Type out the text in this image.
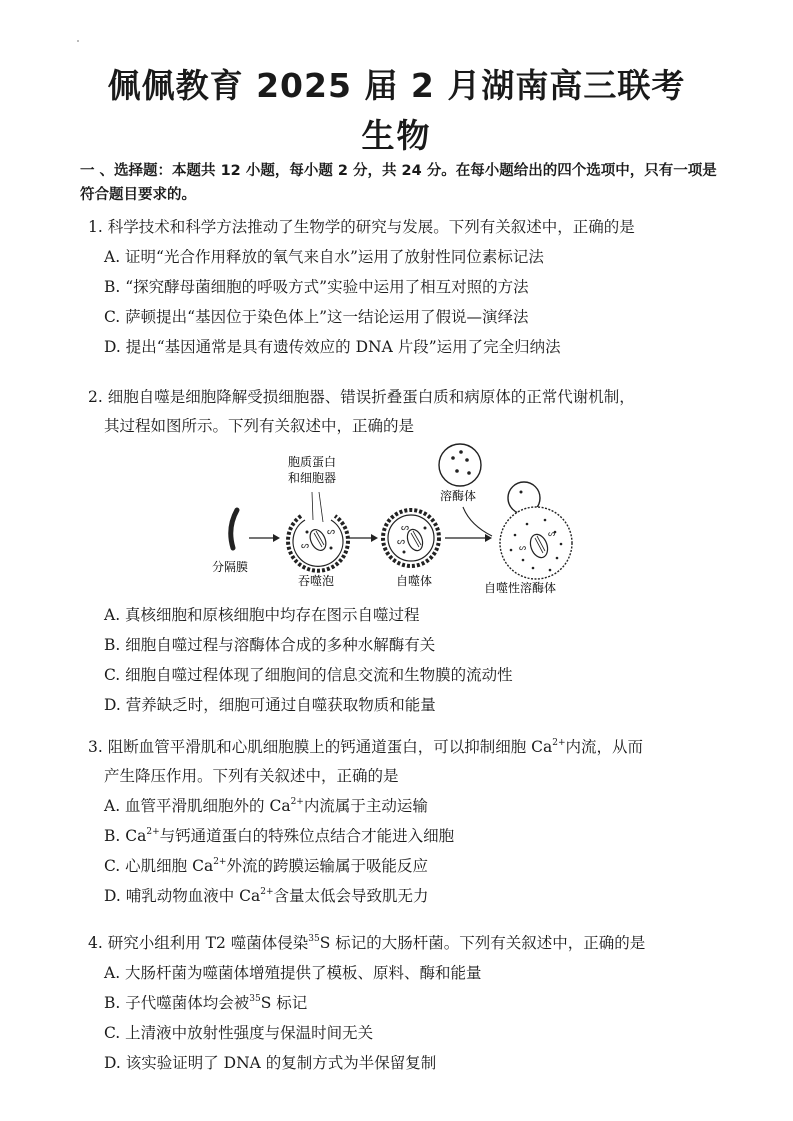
佩佩教育 2025 届 2 月湖南高三联考
生物
一 、选择题：本题共 12 小题，每小题 2 分，共 24 分。在每小题给出的四个选项中，只有一项是符合题目要求的。

1. 科学技术和科学方法推动了生物学的研究与发展。下列有关叙述中，正确的是

A. 证明“光合作用释放的氧气来自水”运用了放射性同位素标记法

B. “探究酵母菌细胞的呼吸方式”实验中运用了相互对照的方法

C. 萨顿提出“基因位于染色体上”这一结论运用了假说—演绎法

D. 提出“基因通常是具有遗传效应的 DNA 片段”运用了完全归纳法

2. 细胞自噬是细胞降解受损细胞器、错误折叠蛋白质和病原体的正常代谢机制，
其过程如图所示。下列有关叙述中，正确的是

分隔膜
ᔕ
ᔕ
胞质蛋白
和细胞器
吞噬泡
ᔕ
ᔕ
自噬体
溶酶体
ᔕ
ᔕ
自噬性溶酶体

A. 真核细胞和原核细胞中均存在图示自噬过程

B. 细胞自噬过程与溶酶体合成的多种水解酶有关

C. 细胞自噬过程体现了细胞间的信息交流和生物膜的流动性

D. 营养缺乏时，细胞可通过自噬获取物质和能量

3. 阻断血管平滑肌和心肌细胞膜上的钙通道蛋白，可以抑制细胞 $Ca^{2+}$内流，从而
产生降压作用。下列有关叙述中，正确的是

A. 血管平滑肌细胞外的 $Ca^{2+}$内流属于主动运输

B. $Ca^{2+}$与钙通道蛋白的特殊位点结合才能进入细胞

C. 心肌细胞 $Ca^{2+}$外流的跨膜运输属于吸能反应

D. 哺乳动物血液中 $Ca^{2+}$含量太低会导致肌无力

4. 研究小组利用 T2 噬菌体侵染$^{35}$S 标记的大肠杆菌。下列有关叙述中，正确的是

A. 大肠杆菌为噬菌体增殖提供了模板、原料、酶和能量

B. 子代噬菌体均会被$^{35}$S 标记

C. 上清液中放射性强度与保温时间无关

D. 该实验证明了 DNA 的复制方式为半保留复制
